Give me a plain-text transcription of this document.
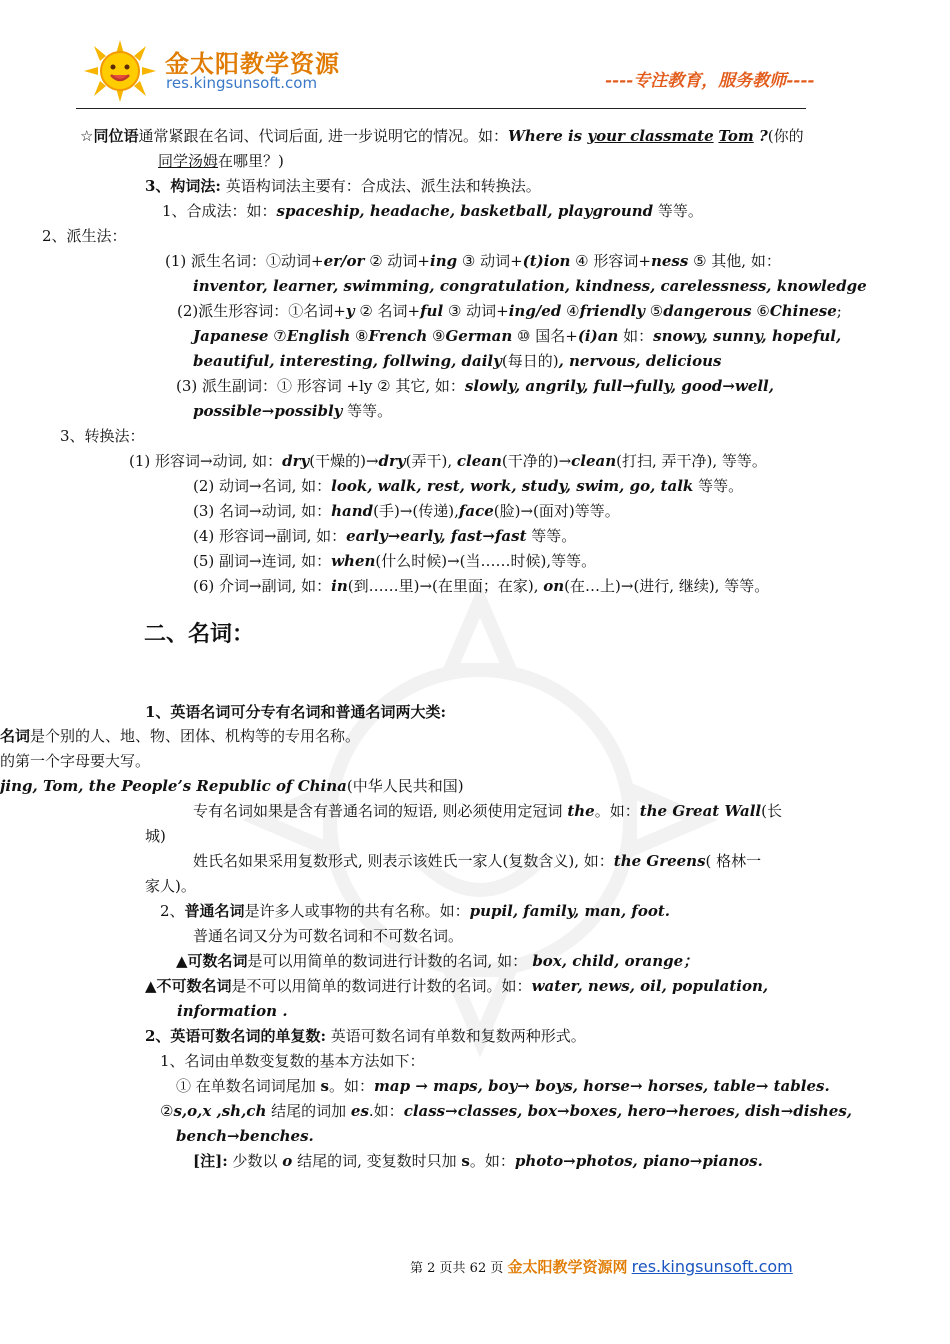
金太阳教学资源
res.kingsunsoft.com	----专注教育，服务教师----
☆同位语通常紧跟在名词、代词后面, 进一步说明它的情况。如：Where is your classmate Tom ?(你的
同学汤姆在哪里？)
3、构词法: 英语构词法主要有：合成法、派生法和转换法。
1、合成法：如：spaceship, headache, basketball, playground 等等。
2、派生法：
(1) 派生名词：①动词+er/or ② 动词+ing ③ 动词+(t)ion ④ 形容词+ness ⑤ 其他, 如：
inventor, learner, swimming, congratulation, kindness, carelessness, knowledge
(2)派生形容词：①名词+y ② 名词+ful ③ 动词+ing/ed ④friendly ⑤dangerous ⑥Chinese;
Japanese ⑦English ⑧French ⑨German ⑩ 国名+(i)an 如：snowy, sunny, hopeful,
beautiful, interesting, follwing, daily(每日的), nervous, delicious
(3) 派生副词：① 形容词 +ly ② 其它, 如：slowly, angrily, full→fully, good→well,
possible→possibly 等等。
3、转换法：
(1) 形容词→动词, 如：dry(干燥的)→dry(弄干), clean(干净的)→clean(打扫, 弄干净), 等等。
(2) 动词→名词, 如：look, walk, rest, work, study, swim, go, talk 等等。
(3) 名词→动词, 如：hand(手)→(传递),face(脸)→(面对)等等。
(4) 形容词→副词, 如：early→early, fast→fast 等等。
(5) 副词→连词, 如：when(什么时候)→(当……时候),等等。
(6) 介词→副词, 如：in(到……里)→(在里面；在家), on(在…上)→(进行, 继续), 等等。
二、名词：
1、英语名词可分专有名词和普通名词两大类:
名词是个别的人、地、物、团体、机构等的专用名称。
的第一个字母要大写。
jing, Tom, the People’s Republic of China(中华人民共和国)
专有名词如果是含有普通名词的短语, 则必须使用定冠词 the。如：the Great Wall(长
城)
姓氏名如果采用复数形式, 则表示该姓氏一家人(复数含义), 如：the Greens( 格林一
家人)。
2、普通名词是许多人或事物的共有名称。如：pupil, family, man, foot.
普通名词又分为可数名词和不可数名词。
▲可数名词是可以用简单的数词进行计数的名词, 如： box, child, orange；
▲不可数名词是不可以用简单的数词进行计数的名词。如：water, news, oil, population,
information .
2、英语可数名词的单复数: 英语可数名词有单数和复数两种形式。
1、名词由单数变复数的基本方法如下：
① 在单数名词词尾加 s。如：map → maps, boy→ boys, horse→ horses, table→ tables.
②s,o,x ,sh,ch 结尾的词加 es.如：class→classes, box→boxes, hero→heroes, dish→dishes,
bench→benches.
[注]: 少数以 o 结尾的词, 变复数时只加 s。如：photo→photos, piano→pianos.
第 2 页共 62 页 金太阳教学资源网 res.kingsunsoft.com
